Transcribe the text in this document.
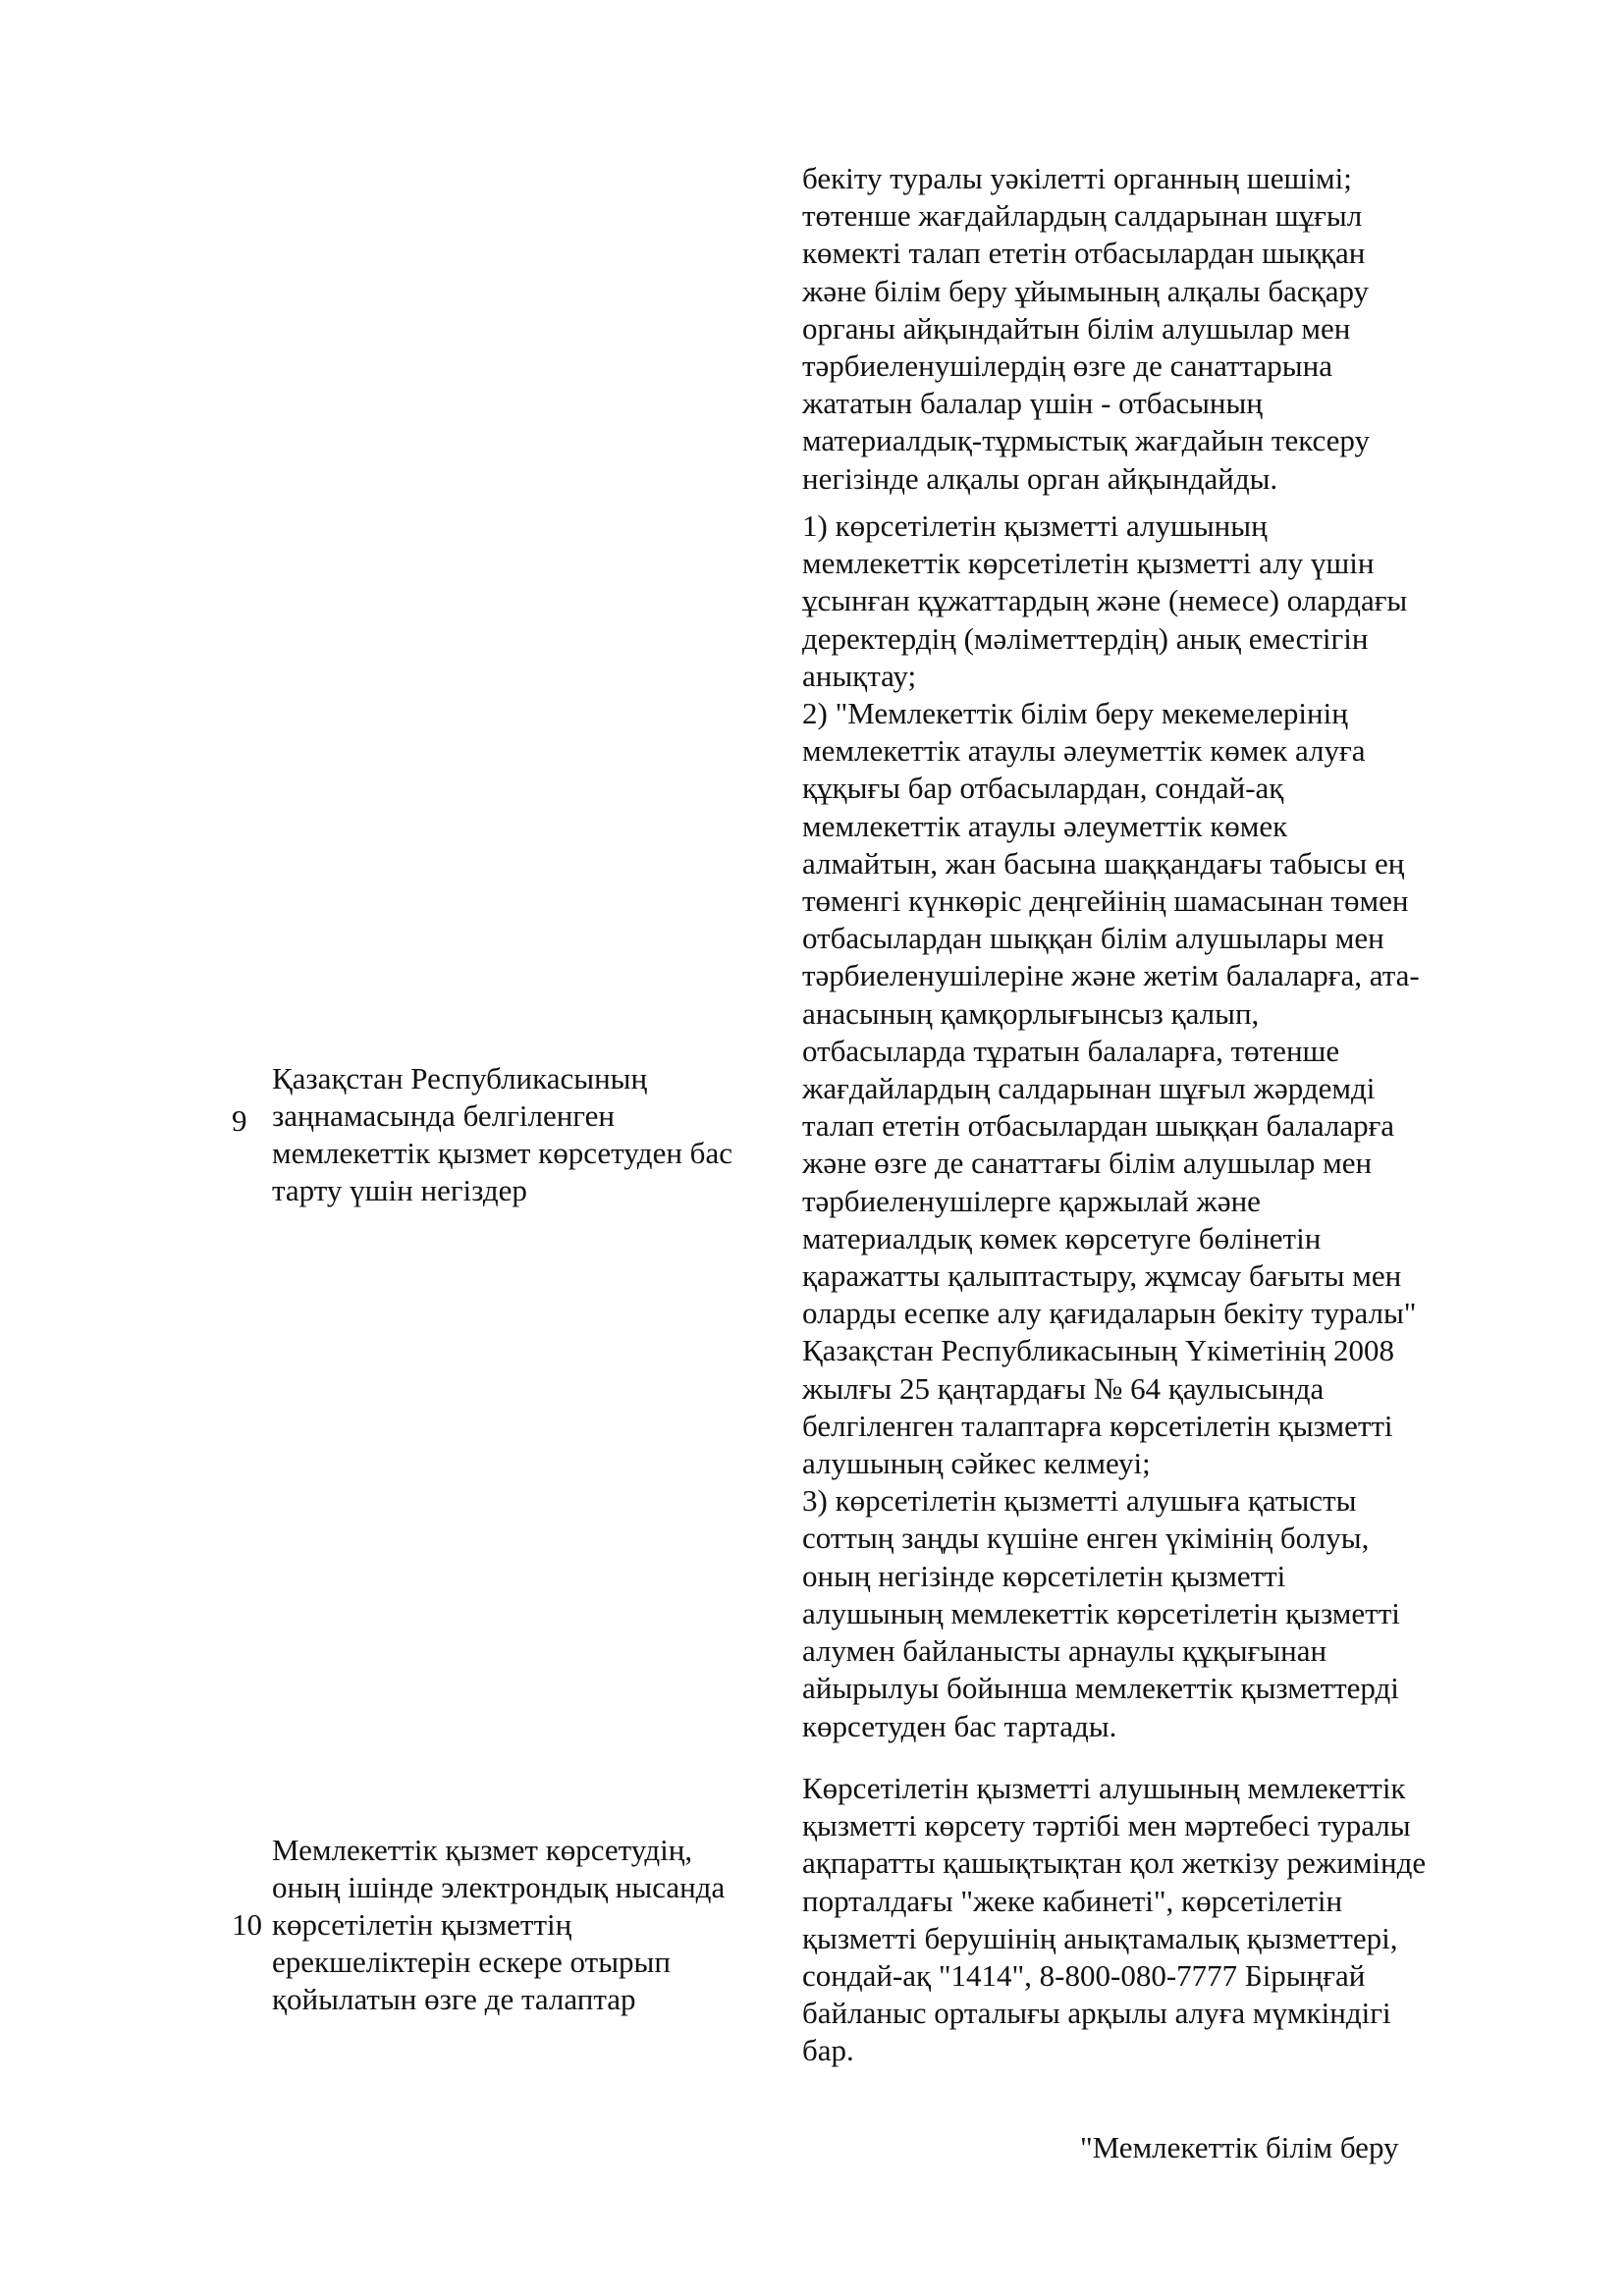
бекіту туралы уәкілетті органның шешімі;
төтенше жағдайлардың салдарынан шұғыл
көмекті талап ететін отбасылардан шыққан
және білім беру ұйымының алқалы басқару
органы айқындайтын білім алушылар мен
тәрбиеленушілердің өзге де санаттарына
жататын балалар үшін - отбасының
материалдық-тұрмыстық жағдайын тексеру
негізінде алқалы орган айқындайды.
9
Қазақстан Республикасының
заңнамасында белгіленген
мемлекеттік қызмет көрсетуден бас
тарту үшін негіздер
1) көрсетілетін қызметті алушының
мемлекеттік көрсетілетін қызметті алу үшін
ұсынған құжаттардың және (немесе) олардағы
деректердің (мәліметтердің) анық еместігін
анықтау;
2) "Мемлекеттік білім беру мекемелерінің
мемлекеттік атаулы әлеуметтік көмек алуға
құқығы бар отбасылардан, сондай-ақ
мемлекеттік атаулы әлеуметтік көмек
алмайтын, жан басына шаққандағы табысы ең
төменгі күнкөріс деңгейінің шамасынан төмен
отбасылардан шыққан білім алушылары мен
тәрбиеленушілеріне және жетім балаларға, ата-
анасының қамқорлығынсыз қалып,
отбасыларда тұратын балаларға, төтенше
жағдайлардың салдарынан шұғыл жәрдемді
талап ететін отбасылардан шыққан балаларға
және өзге де санаттағы білім алушылар мен
тәрбиеленушілерге қаржылай және
материалдық көмек көрсетуге бөлінетін
қаражатты қалыптастыру, жұмсау бағыты мен
оларды есепке алу қағидаларын бекіту туралы"
Қазақстан Республикасының Үкіметінің 2008
жылғы 25 қаңтардағы № 64 қаулысында
белгіленген талаптарға көрсетілетін қызметті
алушының сәйкес келмеуі;
3) көрсетілетін қызметті алушыға қатысты
соттың заңды күшіне енген үкімінің болуы,
оның негізінде көрсетілетін қызметті
алушының мемлекеттік көрсетілетін қызметті
алумен байланысты арнаулы құқығынан
айырылуы бойынша мемлекеттік қызметтерді
көрсетуден бас тартады.
10
Мемлекеттік қызмет көрсетудің,
оның ішінде электрондық нысанда
көрсетілетін қызметтің
ерекшеліктерін ескере отырып
қойылатын өзге де талаптар
Көрсетілетін қызметті алушының мемлекеттік
қызметті көрсету тәртібі мен мәртебесі туралы
ақпаратты қашықтықтан қол жеткізу режимінде
порталдағы "жеке кабинеті", көрсетілетін
қызметті берушінің анықтамалық қызметтері,
сондай-ақ "1414", 8-800-080-7777 Бірыңғай
байланыс орталығы арқылы алуға мүмкіндігі
бар.
"Мемлекеттік білім беру
